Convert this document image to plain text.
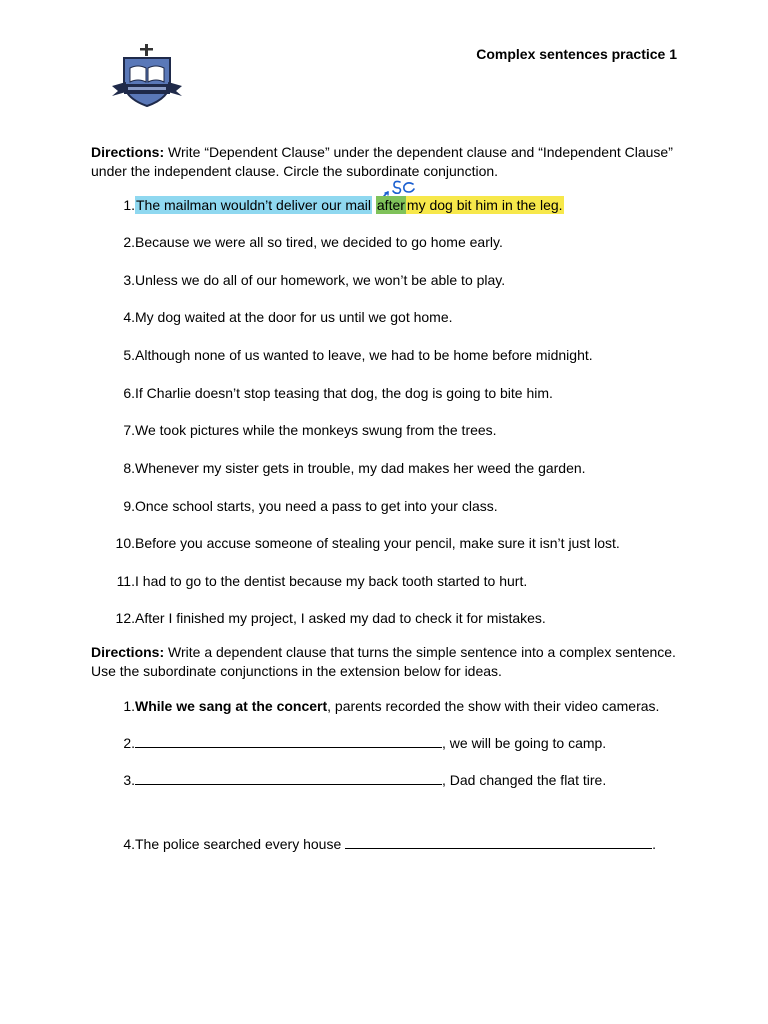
Complex sentences practice 1
Directions: Write “Dependent Clause” under the dependent clause and “Independent Clause” under the independent clause. Circle the subordinate conjunction.
1. The mailman wouldn’t deliver our mail after my dog bit him in the leg.
2. Because we were all so tired, we decided to go home early.
3. Unless we do all of our homework, we won’t be able to play.
4. My dog waited at the door for us until we got home.
5. Although none of us wanted to leave, we had to be home before midnight.
6. If Charlie doesn’t stop teasing that dog, the dog is going to bite him.
7. We took pictures while the monkeys swung from the trees.
8. Whenever my sister gets in trouble, my dad makes her weed the garden.
9. Once school starts, you need a pass to get into your class.
10. Before you accuse someone of stealing your pencil, make sure it isn’t just lost.
11. I had to go to the dentist because my back tooth started to hurt.
12. After I finished my project, I asked my dad to check it for mistakes.
Directions: Write a dependent clause that turns the simple sentence into a complex sentence. Use the subordinate conjunctions in the extension below for ideas.
1. While we sang at the concert, parents recorded the show with their video cameras.
2.	, we will be going to camp.
3.	, Dad changed the flat tire.
4. The police searched every house	.
